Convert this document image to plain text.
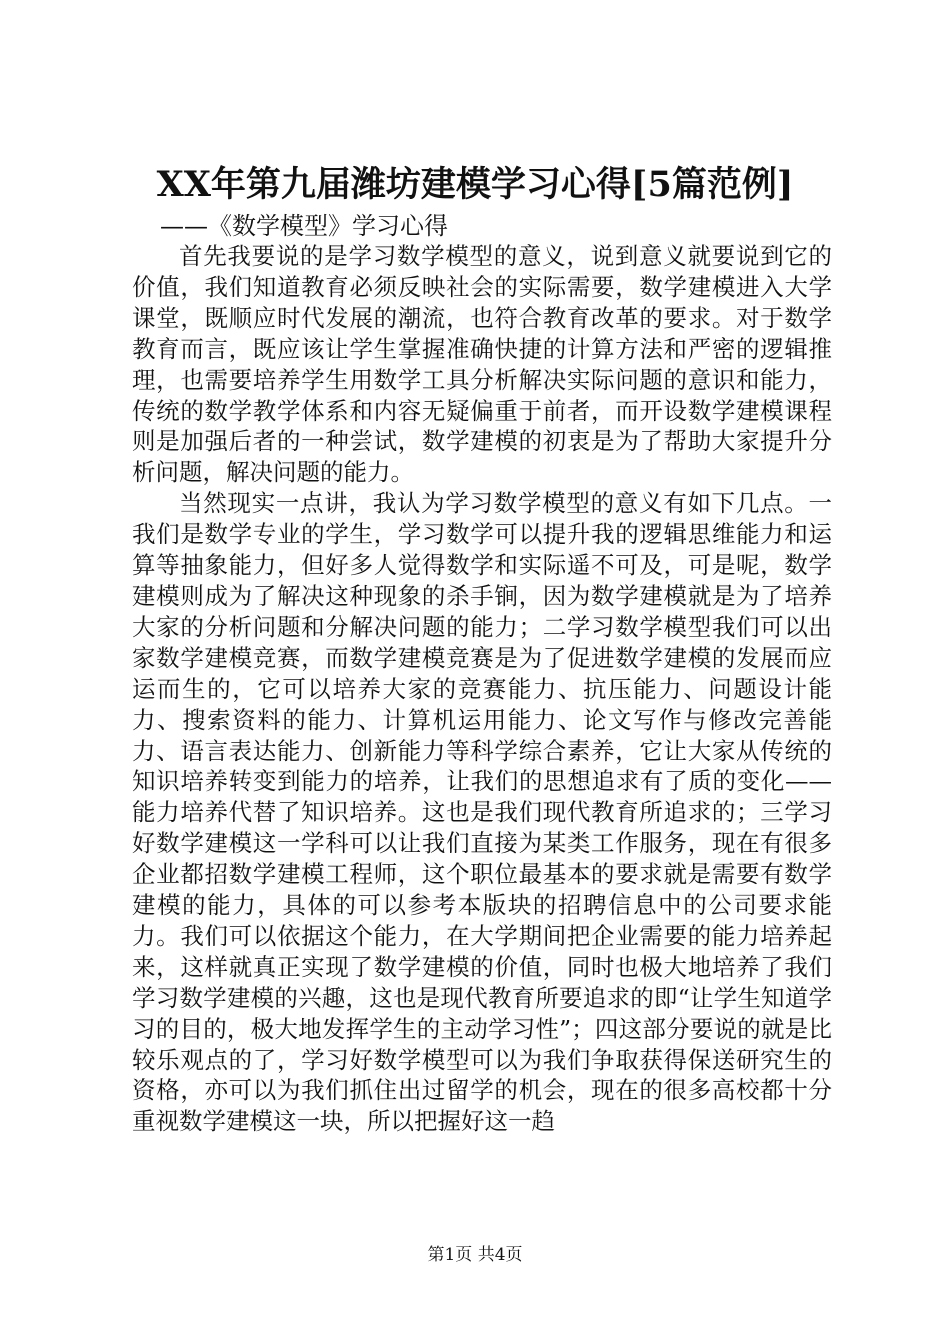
XX年第九届潍坊建模学习心得[5篇范例]
——《数学模型》学习心得

首先我要说的是学习数学模型的意义，说到意义就要说到它的价值，我们知道教育必须反映社会的实际需要，数学建模进入大学课堂，既顺应时代发展的潮流，也符合教育改革的要求。对于数学教育而言，既应该让学生掌握准确快捷的计算方法和严密的逻辑推理，也需要培养学生用数学工具分析解决实际问题的意识和能力，传统的数学教学体系和内容无疑偏重于前者，而开设数学建模课程则是加强后者的一种尝试，数学建模的初衷是为了帮助大家提升分析问题，解决问题的能力。

当然现实一点讲，我认为学习数学模型的意义有如下几点。一我们是数学专业的学生，学习数学可以提升我的逻辑思维能力和运算等抽象能力，但好多人觉得数学和实际遥不可及，可是呢，数学建模则成为了解决这种现象的杀手锏，因为数学建模就是为了培养大家的分析问题和分解决问题的能力；二学习数学模型我们可以出家数学建模竞赛，而数学建模竞赛是为了促进数学建模的发展而应运而生的，它可以培养大家的竞赛能力、抗压能力、问题设计能力、搜索资料的能力、计算机运用能力、论文写作与修改完善能力、语言表达能力、创新能力等科学综合素养，它让大家从传统的知识培养转变到能力的培养，让我们的思想追求有了质的变化——能力培养代替了知识培养。这也是我们现代教育所追求的；三学习好数学建模这一学科可以让我们直接为某类工作服务，现在有很多企业都招数学建模工程师，这个职位最基本的要求就是需要有数学建模的能力，具体的可以参考本版块的招聘信息中的公司要求能力。我们可以依据这个能力，在大学期间把企业需要的能力培养起来，这样就真正实现了数学建模的价值，同时也极大地培养了我们学习数学建模的兴趣，这也是现代教育所要追求的即“让学生知道学习的目的，极大地发挥学生的主动学习性”；四这部分要说的就是比较乐观点的了，学习好数学模型可以为我们争取获得保送研究生的资格，亦可以为我们抓住出过留学的机会，现在的很多高校都十分重视数学建模这一块，所以把握好这一趋

第1页 共4页
